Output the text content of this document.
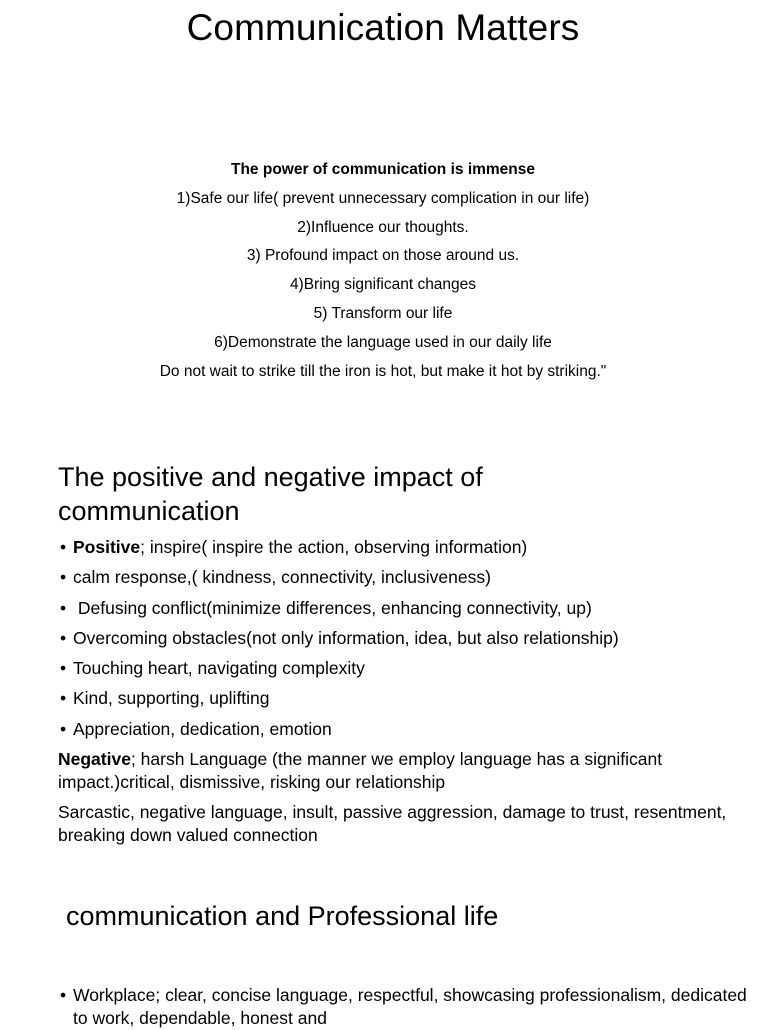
Communication Matters
The power of communication is immense
1)Safe our life( prevent unnecessary complication in our life)
2)Influence our thoughts.
3) Profound impact on those around us.
4)Bring significant changes
5) Transform our life
6)Demonstrate the language used in our daily life
Do not wait to strike till the iron is hot, but make it hot by striking."
The positive and negative impact of communication
• Positive; inspire( inspire the action, observing information)
• calm response,( kindness, connectivity, inclusiveness)
• Defusing conflict(minimize differences, enhancing connectivity, up)
• Overcoming obstacles(not only information, idea, but also relationship)
• Touching heart, navigating complexity
• Kind, supporting, uplifting
• Appreciation, dedication, emotion

Negative; harsh Language (the manner we employ language has a significant impact.)critical, dismissive, risking our relationship

Sarcastic, negative language, insult, passive aggression, damage to trust, resentment, breaking down valued connection

communication and Professional life
• Workplace; clear, concise language, respectful, showcasing professionalism, dedicated to work, dependable, honest and
